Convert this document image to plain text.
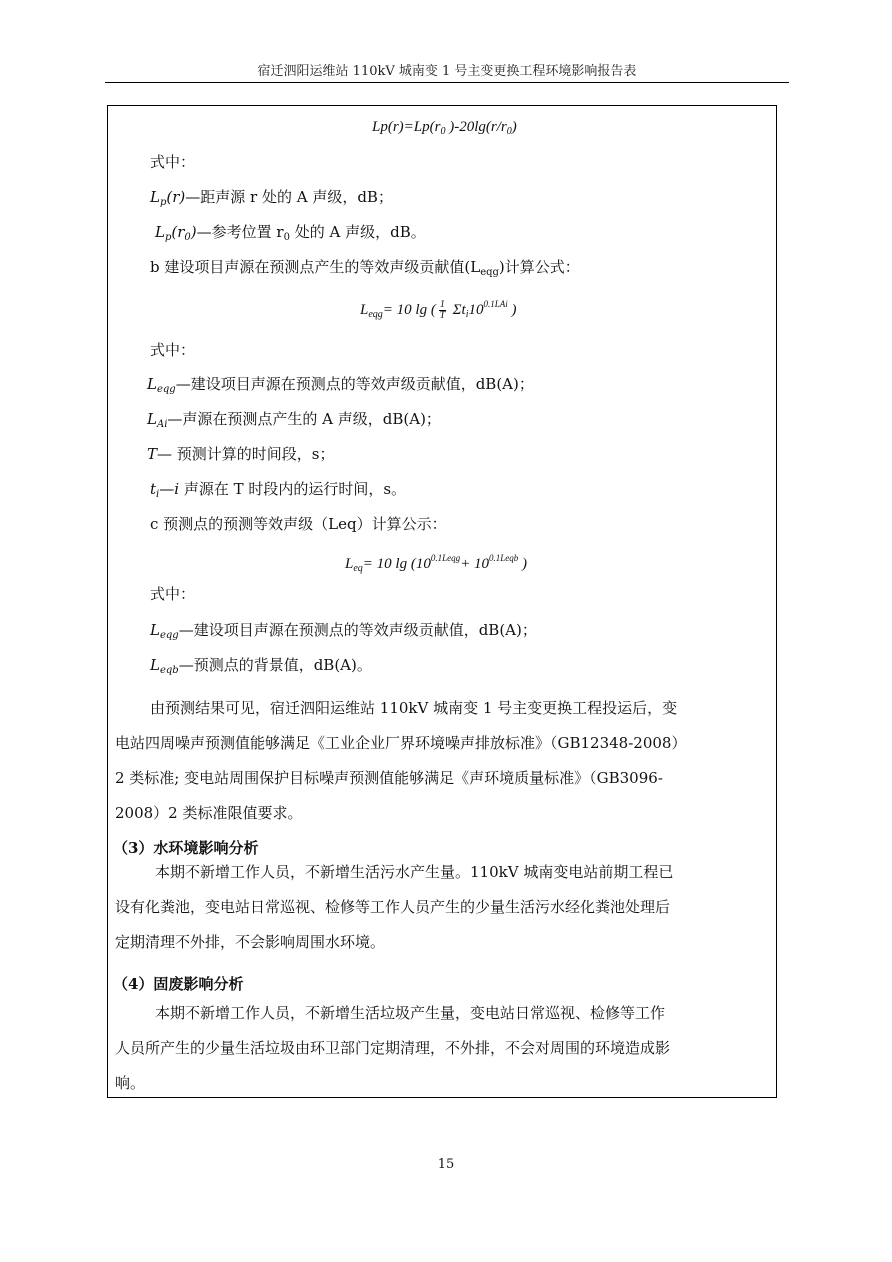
宿迁泗阳运维站 110kV 城南变 1 号主变更换工程环境影响报告表
$Lp(r)=Lp(r_0$ )$-20\lg(r/r_0)$
式中：
$L_p(r)—$距声源 r 处的 A 声级，dB；
$L_p(r_0)—$参考位置 $r_0$ 处的 A 声级，dB。
b 建设项目声源在预测点产生的等效声级贡献值$(L_{eqg})$计算公式：
$L_{eqg}= 10$ lg ( $\frac{1}{T} \Sigma t_i10^{0.1LAi}$ )
式中：
$L_{eqg}—$建设项目声源在预测点的等效声级贡献值，dB(A)；
$L_{Ai}—$声源在预测点产生的 A 声级，dB(A)；
T— 预测计算的时间段，s；
$t_i—i$ 声源在 T 时段内的运行时间，s。
c 预测点的预测等效声级（Leq）计算公示：
$L_{eq}= 10$ $\lg (10^{0.1Leqg}+ 10^{0.1Leqb}$ )
式中：
$L_{eqg}—$建设项目声源在预测点的等效声级贡献值，dB(A)；
$L_{eqb}—$预测点的背景值，dB(A)。
由预测结果可见，宿迁泗阳运维站 110kV 城南变 1 号主变更换工程投运后，变
电站四周噪声预测值能够满足《工业企业厂界环境噪声排放标准》（GB12348-2008）
2 类标准; 变电站周围保护目标噪声预测值能够满足《声环境质量标准》（GB3096-
2008）2 类标准限值要求。
（3）水环境影响分析
本期不新增工作人员，不新增生活污水产生量。110kV 城南变电站前期工程已
设有化粪池，变电站日常巡视、检修等工作人员产生的少量生活污水经化粪池处理后
定期清理不外排，不会影响周围水环境。
（4）固废影响分析
本期不新增工作人员，不新增生活垃圾产生量，变电站日常巡视、检修等工作
人员所产生的少量生活垃圾由环卫部门定期清理，不外排，不会对周围的环境造成影
响。
15
